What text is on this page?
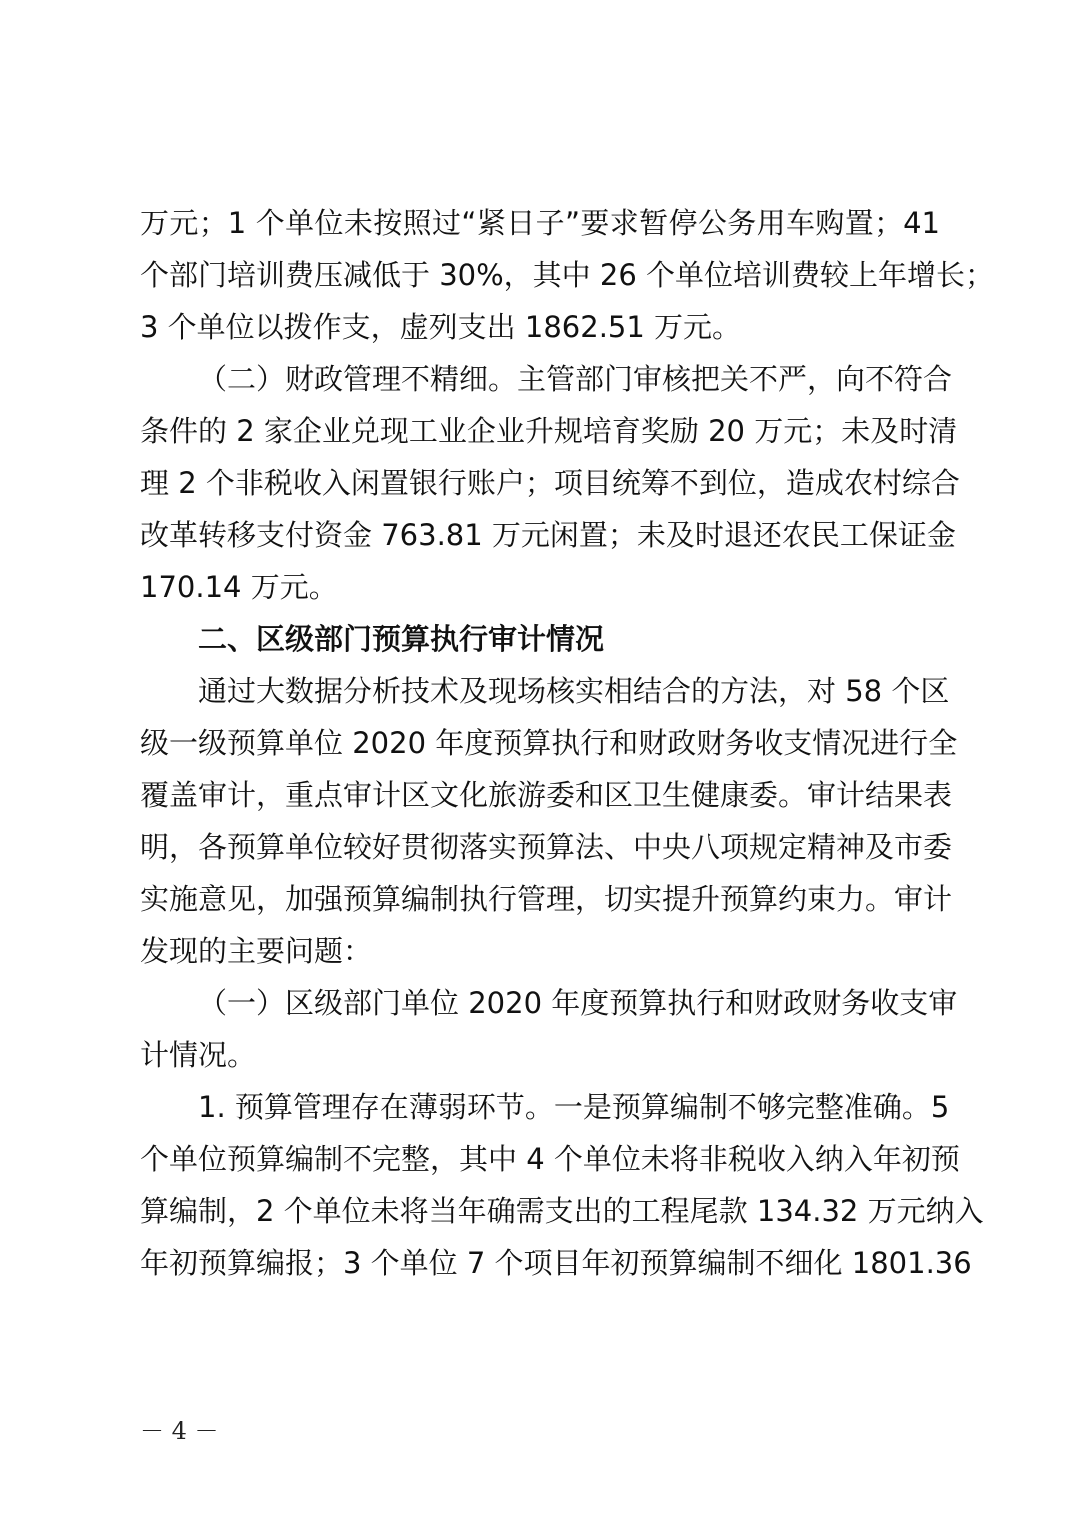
万元；1 个单位未按照过“紧日子”要求暂停公务用车购置；41
个部门培训费压减低于 30%，其中 26 个单位培训费较上年增长；
3 个单位以拨作支，虚列支出 1862.51 万元。
（二）财政管理不精细。主管部门审核把关不严，向不符合
条件的 2 家企业兑现工业企业升规培育奖励 20 万元；未及时清
理 2 个非税收入闲置银行账户；项目统筹不到位，造成农村综合
改革转移支付资金 763.81 万元闲置；未及时退还农民工保证金
170.14 万元。
二、区级部门预算执行审计情况
通过大数据分析技术及现场核实相结合的方法，对 58 个区
级一级预算单位 2020 年度预算执行和财政财务收支情况进行全
覆盖审计，重点审计区文化旅游委和区卫生健康委。审计结果表
明，各预算单位较好贯彻落实预算法、中央八项规定精神及市委
实施意见，加强预算编制执行管理，切实提升预算约束力。审计
发现的主要问题：
（一）区级部门单位 2020 年度预算执行和财政财务收支审
计情况。
1. 预算管理存在薄弱环节。一是预算编制不够完整准确。5
个单位预算编制不完整，其中 4 个单位未将非税收入纳入年初预
算编制，2 个单位未将当年确需支出的工程尾款 134.32 万元纳入
年初预算编报；3 个单位 7 个项目年初预算编制不细化 1801.36
－ 4 －
